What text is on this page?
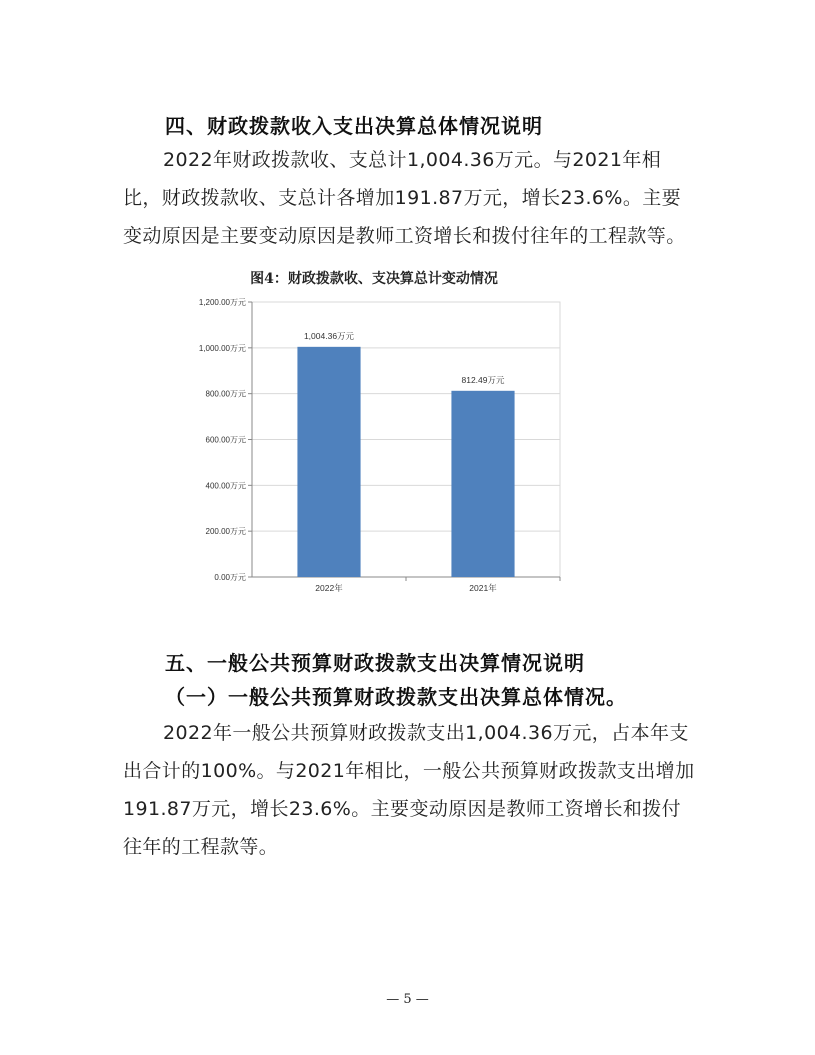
四、财政拨款收入支出决算总体情况说明
2022年财政拨款收、支总计1,004.36万元。与2021年相比，财政拨款收、支总计各增加191.87万元，增长23.6%。主要变动原因是主要变动原因是教师工资增长和拨付往年的工程款等。
图4：财政拨款收、支决算总计变动情况
0.00万元
200.00万元
400.00万元
600.00万元
800.00万元
1,000.00万元
1,200.00万元
1,004.36万元
2022年
812.49万元
2021年
五、一般公共预算财政拨款支出决算情况说明
（一）一般公共预算财政拨款支出决算总体情况。
2022年一般公共预算财政拨款支出1,004.36万元，占本年支出合计的100%。与2021年相比，一般公共预算财政拨款支出增加191.87万元，增长23.6%。主要变动原因是教师工资增长和拨付往年的工程款等。
— 5 —
